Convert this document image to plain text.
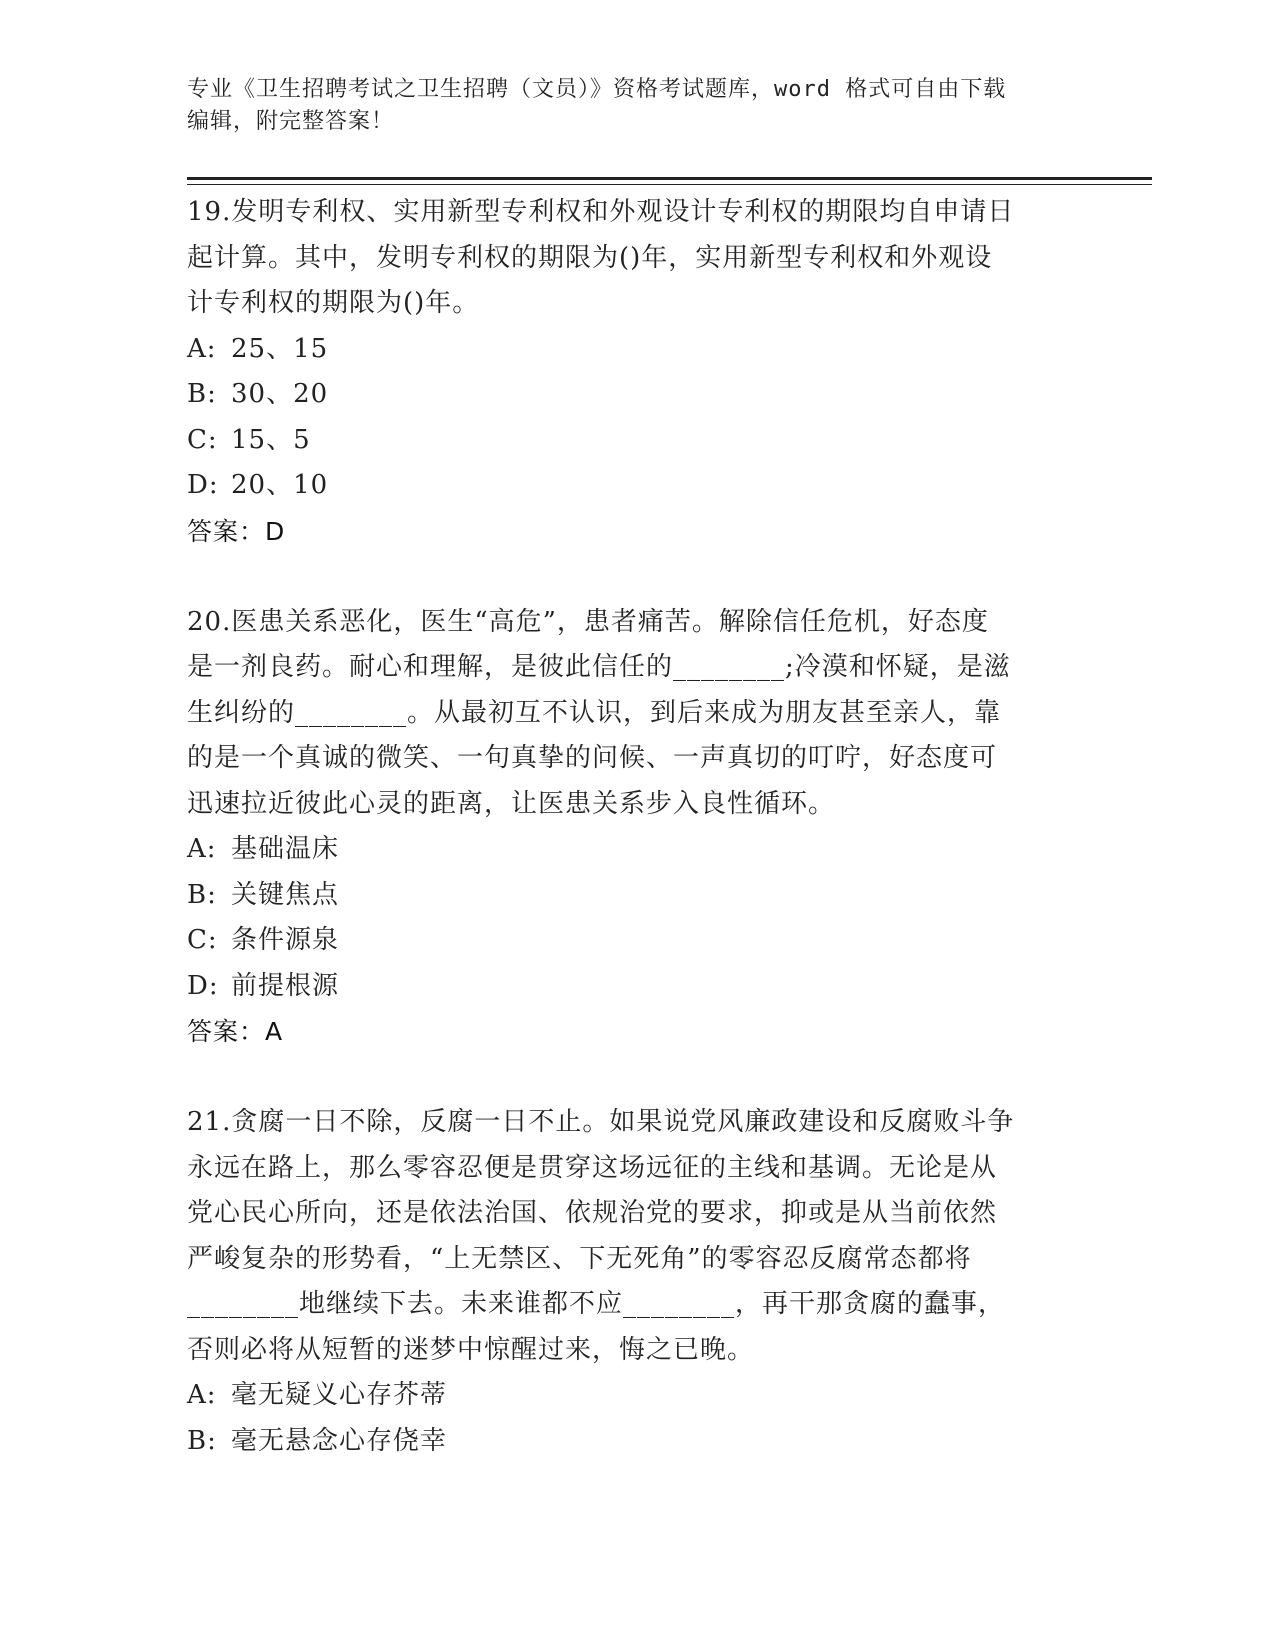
专业《卫生招聘考试之卫生招聘（文员）》资格考试题库，word 格式可自由下载
编辑，附完整答案！

19.发明专利权、实用新型专利权和外观设计专利权的期限均自申请日

起计算。其中，发明专利权的期限为()年，实用新型专利权和外观设

计专利权的期限为()年。

A: 25、15

B: 30、20

C: 15、5

D: 20、10

答案：D

20.医患关系恶化，医生“高危”，患者痛苦。解除信任危机，好态度

是一剂良药。耐心和理解，是彼此信任的________;冷漠和怀疑，是滋

生纠纷的________。从最初互不认识，到后来成为朋友甚至亲人，靠

的是一个真诚的微笑、一句真挚的问候、一声真切的叮咛，好态度可

迅速拉近彼此心灵的距离，让医患关系步入良性循环。

A: 基础温床

B: 关键焦点

C: 条件源泉

D: 前提根源

答案：A

21.贪腐一日不除，反腐一日不止。如果说党风廉政建设和反腐败斗争

永远在路上，那么零容忍便是贯穿这场远征的主线和基调。无论是从

党心民心所向，还是依法治国、依规治党的要求，抑或是从当前依然

严峻复杂的形势看，“上无禁区、下无死角”的零容忍反腐常态都将

________地继续下去。未来谁都不应________，再干那贪腐的蠢事，

否则必将从短暂的迷梦中惊醒过来，悔之已晚。

A: 毫无疑义心存芥蒂

B: 毫无悬念心存侥幸
